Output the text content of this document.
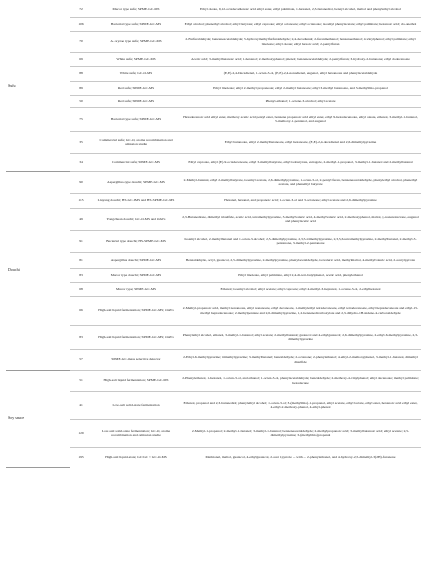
Sufu	72	Mucor type sufu; SPME-GC-MS	Ethyl oleate, 9,12-octadecadienoic acid ethyl ester, ethyl palmitate, 1-hexanol, 2,3-butanediol, benzyl alcohol, maltol and phenylethyl alcohol
	106	Bacterial type sufu; SPME-GC-MS	Ethyl alcohol; phenethyl alcohol; ethyl butyrate; ethyl caproate; ethyl octanoate; ethyl octanoate; isoamyl phenylacetate; ethyl palmitate; hexanoic acid; cis-anethol
	70	A. oryzae type sufu; SPME-GC-MS	2-Furfuraldehyde; benzeneacetaldehyde; 5-hydroxymethylfurfuraldehyde; 2,4-decadienal; 2-furanmethanol; benzeneethanol; 4-vinylphenol; ethyl palmitate; ethyl linoleate; ethyl oleate; ethyl hexoic acid; 2-pentylfuran
	69	White sufu; SPME-GC-MS	Acetic acid; 3-methylbutanoic acid; 1-hexanol; 2-methoxyphenol; phenol; benzeneacetaldehyde; 2-pentylfuran; 3-hydroxy-2-butanone; ethyl dodecanoate
	88	White sufu; GC-O-MS	(E,E)-2,4-Decadienal, 1-octen-3-ol, (E,E)-2,4-nonadienal, eugenol, ethyl hexanoate and phenylacetaldehyde
	89	Red sufu; SPME-GC-MS	Ethyl linoleate; ethyl 2-methyl propanoate; ethyl 2-methyl butanoate; ethyl 3-methyl butanoate, and 3-methylthio-propanol
	50	Red sufu; SPME-GC-MS	Phenyl-ethanol; 1-octene-3-alcohol; ethyl acetate
	75	Bacterial type sufu; SPME-GC-MS	Hexadecenoic acid ethyl ester, methoxy acetic acid pentyl ester, benzene propanoic acid ethyl ester, ethyl 9-hexadecenoate, ethyl oleate, ethanol, 3-methyl-1-butanol, 5-methoxy-1-pentanol, and eugenol
	35	Commercial sufu; GC-O, aroma recombination and omission studie	Ethyl butanoate, ethyl 2-methylbutanoate, ethyl hexanoate, (E,E)-2,4-decadienal and 2,6-dimethylpyrazine
	34	Commercial sufu; SPME-GC-MS	Ethyl caproate, ethyl (E)-9-octadecenoate, ethyl 3-methylbutyrate, ethyl isobutyrate, estragole, 2-methyl-1-propanol, 3-methyl-1-butanol and 2-methylbutanal
Douchi	90	Aspergillus-type douchi; SPME-GC-MS	2-Methyl-butanal, ethyl 2-methylbutyrate, isoamyl acetate, 2,6-dimethylpyrazine, 1-octen-3-ol, 2-pentyl furan, benzeneacetaldehyde, phenylethyl alcohol, phenethyl acetate, and phenethyl butyrate
	115	Liuyang douchi; HS-GC-IMS and HS-SPME-GC-MS	Hexanal, hexanal, and propanoic acid; 1-octen-3-ol and 3-octanone; ethyl acetate and 2,6-dimethylpyrazine
	49	Yongchuan douchi; GC-O-MS and OAVs	2,3-Butanedione, dimethyl trisulfide, acetic acid, tetramethylpyrazine, 3-methylvaleric acid, 4-methylvaleric acid, 2-methoxyphenol, maltol, γ-nonanolactone, eugenol and phenylacetic acid
	91	Bacterial type douchi; HS-SPME-GC-MS	Isoamyl alcohol, 2-methylbutanal and 1-octen-3-alcohol; 2,5-dimethylpyrazine, 2,3,5-trimethylpyrazine, 2,3,5,6-tetramethylpyrazine, 2-methylbutanal, 2-methyl-3-pentanone, 3-methyl-2-pentanone
	81	Aspergillus douchi; SPME-GC-MS	Benzaldehyde, octyl, guaiacol, 2,5-dimethylpyrazine, 2-methylpyrazine, phenylacetaldehyde, isovaleric acid, methylmaltol, 4-methylvaleric acid, 2-acetylpyrrole
	83	Mucor type douchi; SPME-GC-MS	Ethyl linoleate, ethyl palmitate, ethyl 2,4-di-tert-butylphenol, acetic acid, phenylethanol
	68	Mucor type; SPME-GC-MS	Ethanol; isoamyl alcohol; ethyl acetate; ethyl caproate; ethyl 4-methyl-3-heptanol, 1-octene-3-ol, 2-ethylhexanol
	66	High-salt liquid fermentation; SPME-GC-MS; OAVs	2-Methyl-propanoic acid, methyl nonanoate, ethyl nonanoate, ethyl decanoate, 1-methylethyl tetradecanoate, ethyl tetradecanoate, ethyl heptadecanoate and ethyl-15-methyl heptadecanoate; 2-methylpentane and 2,6-dimethylpyrazine, 1,2-benzenedicarboxylate and 2,3-dihydro-1H-indene-4-carboxaldehyde
	83	High-salt liquid fermentation; SPME-GC-MS; OAVs	Phenylethyl alcohol, ethanol, 3-methyl-1-butanol; ethyl acetate; 2-methylbutanal; guaiacol and 4-ethylguaiacol; 2,6-dimethylpyrazine, 2-ethyl-6-methylpyrazine, 2,3-dimethylpyrazine
	57	SPME-GC-mass selective detector	2-Ethyl-6-methylpyrazine; trimethylpyrazine; 3-methylbutanal; benzaldehyde; 2-octanone; 2-phenylethanol; 4-ethyl-2-methoxyphenol, 3-methyl-1-butanol, dimethyl disulfide
Soy sauce	51	High-salt liquid fermentation; SPME-GC-MS	2-Phenylethanol, 1-hexanol, 1-octen-3-ol, and ethanol; 1-octen-3-ol, phenylacetaldehyde; benzaldehyde; 2-methoxy-4-vinylphenol; ethyl decanoate; methyl palmitate; hexadecane
	41	Low-salt solid-state fermentation	Ethanol, propanol and 2,3-butanediol; phenylethyl alcohol; 1-octen-3-ol; 3-(methylthio)-1-propanol, ethyl acetate, ethyl lactate, ethyl ester, hexanoic acid ethyl ester, 4-ethyl-2-methoxy-phenol, 4-ethyl-phenol
	129	Low-salt solid-state fermentation; GC-O, aroma recombination and omission studie	2-Methyl-1-propanol; 2-methyl-1-butanol; 3-methyl-1-butanol; benzeneacetaldehyde; 2-methylpropanoic acid; 3-methylbutanoic acid; ethyl acetate; 2,5-dimethylpyrazine; 3-(methylthio)propanal
	195	High-salt liquid-state; GC/GC × GC-O-MS	Methional, maltol, guaiacol, 4-ethylguaiacol, 2-acet 1pyrrole ... with ... 2-phenylethanol, and 4-hydroxy-2,5-dimethyl-3(2H)-furanone
